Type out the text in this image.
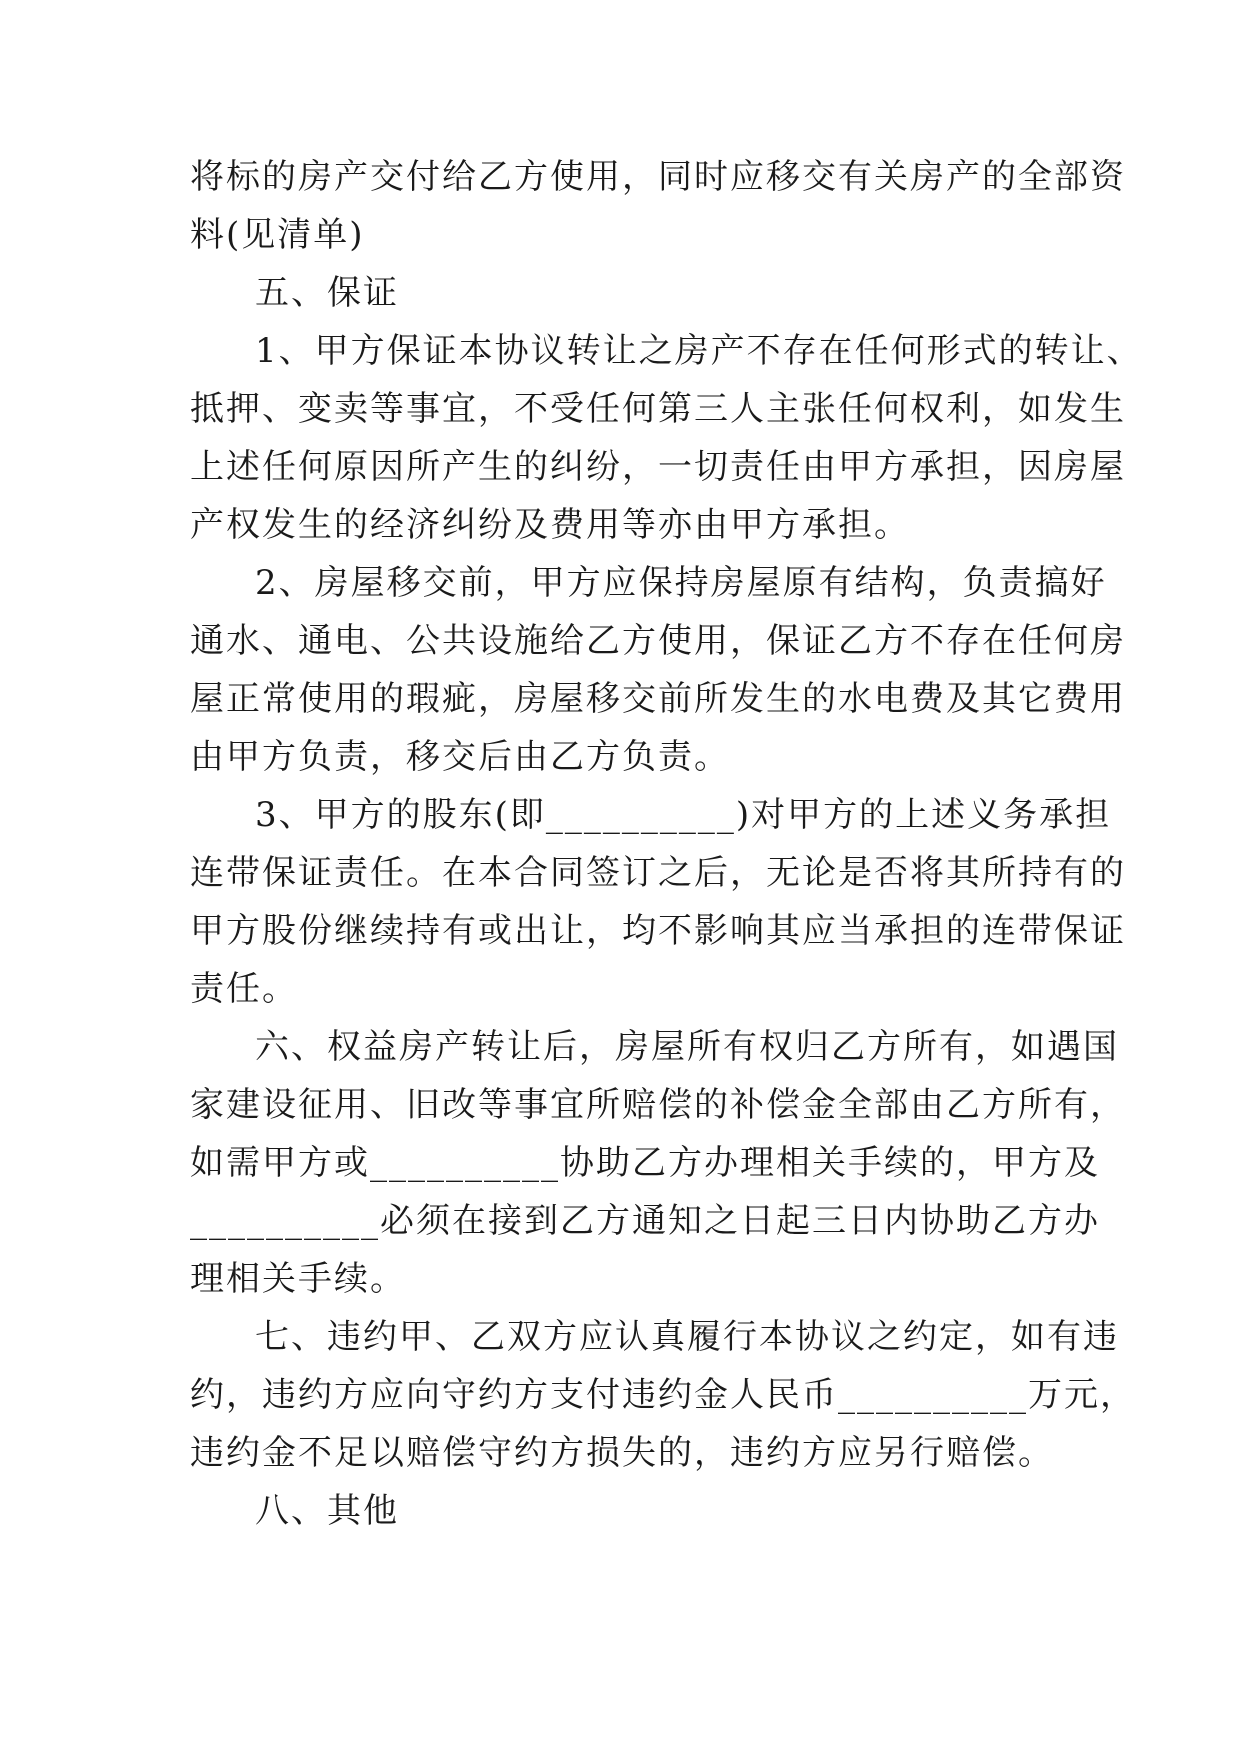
将标的房产交付给乙方使用，同时应移交有关房产的全部资
料(见清单)
五、保证
1、甲方保证本协议转让之房产不存在任何形式的转让、
抵押、变卖等事宜，不受任何第三人主张任何权利，如发生
上述任何原因所产生的纠纷，一切责任由甲方承担，因房屋
产权发生的经济纠纷及费用等亦由甲方承担。
2、房屋移交前，甲方应保持房屋原有结构，负责搞好
通水、通电、公共设施给乙方使用，保证乙方不存在任何房
屋正常使用的瑕疵，房屋移交前所发生的水电费及其它费用
由甲方负责，移交后由乙方负责。
3、甲方的股东(即__________)对甲方的上述义务承担
连带保证责任。在本合同签订之后，无论是否将其所持有的
甲方股份继续持有或出让，均不影响其应当承担的连带保证
责任。
六、权益房产转让后，房屋所有权归乙方所有，如遇国
家建设征用、旧改等事宜所赔偿的补偿金全部由乙方所有，
如需甲方或__________协助乙方办理相关手续的，甲方及
__________必须在接到乙方通知之日起三日内协助乙方办
理相关手续。
七、违约甲、乙双方应认真履行本协议之约定，如有违
约，违约方应向守约方支付违约金人民币__________万元，
违约金不足以赔偿守约方损失的，违约方应另行赔偿。
八、其他
